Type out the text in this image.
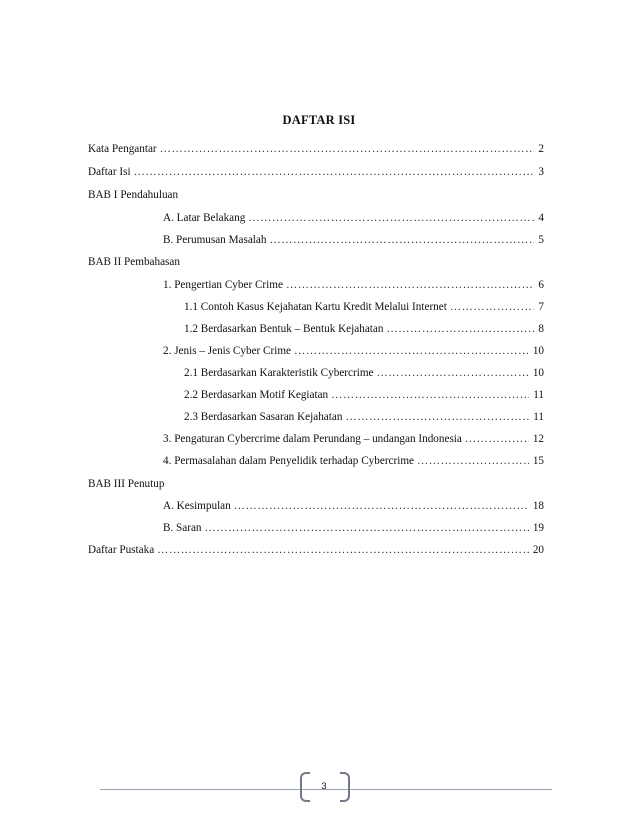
DAFTAR ISI
Kata Pengantar ………………………………………………………………………………………………………………………………………………………………………………………	2
Daftar Isi ………………………………………………………………………………………………………………………………………………………………………………………	3
BAB I Pendahuluan
A. Latar Belakang ………………………………………………………………………………………………………………………………………………………………………………………	4
B. Perumusan Masalah ………………………………………………………………………………………………………………………………………………………………………………………	5
BAB II Pembahasan
1. Pengertian Cyber Crime ………………………………………………………………………………………………………………………………………………………………………………………	6
1.1 Contoh Kasus Kejahatan Kartu Kredit Melalui Internet ………………………………………………………………………………………………………………………………………………………………………………………	7
1.2 Berdasarkan Bentuk – Bentuk Kejahatan ………………………………………………………………………………………………………………………………………………………………………………………	8
2. Jenis – Jenis Cyber Crime ………………………………………………………………………………………………………………………………………………………………………………………	10
2.1 Berdasarkan Karakteristik Cybercrime ………………………………………………………………………………………………………………………………………………………………………………………	10
2.2 Berdasarkan Motif Kegiatan ………………………………………………………………………………………………………………………………………………………………………………………	11
2.3 Berdasarkan Sasaran Kejahatan ………………………………………………………………………………………………………………………………………………………………………………………	11
3. Pengaturan Cybercrime dalam Perundang – undangan Indonesia ………………………………………………………………………………………………………………………………………………………………………………………	12
4. Permasalahan dalam Penyelidik terhadap Cybercrime ………………………………………………………………………………………………………………………………………………………………………………………	15
BAB III Penutup
A. Kesimpulan ………………………………………………………………………………………………………………………………………………………………………………………	18
B. Saran ………………………………………………………………………………………………………………………………………………………………………………………	19
Daftar Pustaka ………………………………………………………………………………………………………………………………………………………………………………………	20
3
